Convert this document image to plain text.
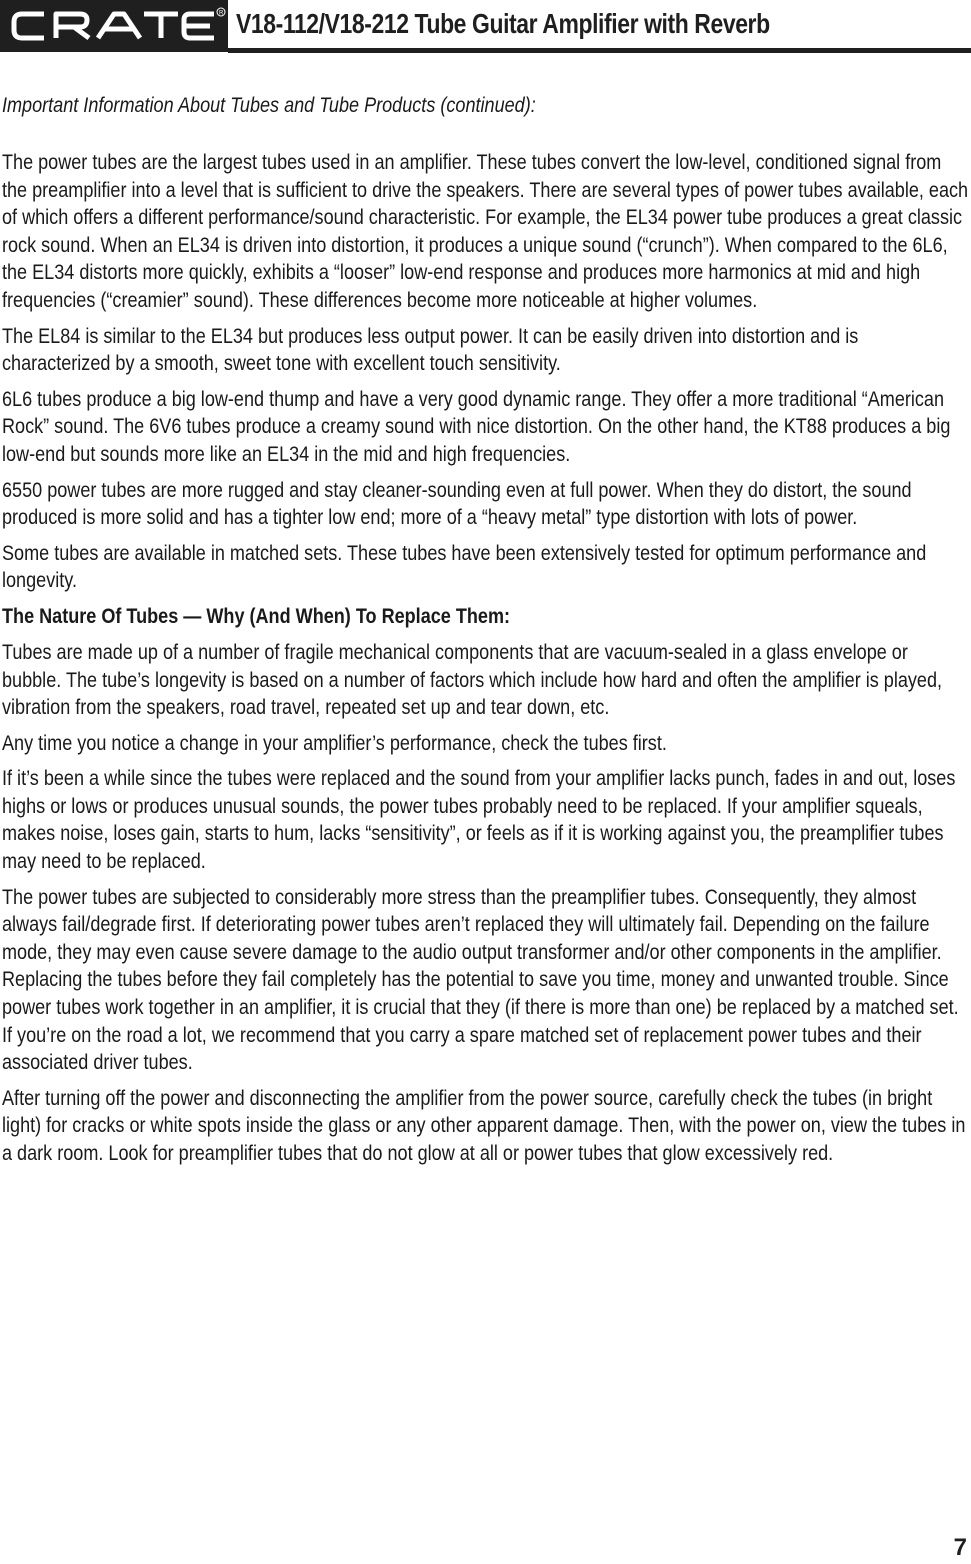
R V18-112/V18-212 Tube Guitar Amplifier with Reverb
Important Information About Tubes and Tube Products (continued):

The power tubes are the largest tubes used in an amplifier. These tubes convert the low-level, conditioned signal from the preamplifier into a level that is sufficient to drive the speakers. There are several types of power tubes available, each of which offers a different performance/sound characteristic. For example, the EL34 power tube produces a great classic rock sound. When an EL34 is driven into distortion, it produces a unique sound (“crunch”). When compared to the 6L6, the EL34 distorts more quickly, exhibits a “looser” low-end response and produces more harmonics at mid and high frequencies (“creamier” sound). These differences become more noticeable at higher volumes.

The EL84 is similar to the EL34 but produces less output power. It can be easily driven into distortion and is characterized by a smooth, sweet tone with excellent touch sensitivity.

6L6 tubes produce a big low-end thump and have a very good dynamic range. They offer a more traditional “American Rock” sound. The 6V6 tubes produce a creamy sound with nice distortion. On the other hand, the KT88 produces a big low-end but sounds more like an EL34 in the mid and high frequencies.

6550 power tubes are more rugged and stay cleaner-sounding even at full power. When they do distort, the sound produced is more solid and has a tighter low end; more of a “heavy metal” type distortion with lots of power.

Some tubes are available in matched sets. These tubes have been extensively tested for optimum performance and longevity.

The Nature Of Tubes — Why (And When) To Replace Them:

Tubes are made up of a number of fragile mechanical components that are vacuum-sealed in a glass envelope or bubble. The tube’s longevity is based on a number of factors which include how hard and often the amplifier is played, vibration from the speakers, road travel, repeated set up and tear down, etc.

Any time you notice a change in your amplifier’s performance, check the tubes first.

If it’s been a while since the tubes were replaced and the sound from your amplifier lacks punch, fades in and out, loses highs or lows or produces unusual sounds, the power tubes probably need to be replaced. If your amplifier squeals, makes noise, loses gain, starts to hum, lacks “sensitivity”, or feels as if it is working against you, the preamplifier tubes may need to be replaced.

The power tubes are subjected to considerably more stress than the preamplifier tubes. Consequently, they almost always fail/degrade first. If deteriorating power tubes aren’t replaced they will ultimately fail. Depending on the failure mode, they may even cause severe damage to the audio output transformer and/or other components in the amplifier. Replacing the tubes before they fail completely has the potential to save you time, money and unwanted trouble. Since power tubes work together in an amplifier, it is crucial that they (if there is more than one) be replaced by a matched set. If you’re on the road a lot, we recommend that you carry a spare matched set of replacement power tubes and their associated driver tubes.

After turning off the power and disconnecting the amplifier from the power source, carefully check the tubes (in bright light) for cracks or white spots inside the glass or any other apparent damage. Then, with the power on, view the tubes in a dark room. Look for preamplifier tubes that do not glow at all or power tubes that glow excessively red.

7
